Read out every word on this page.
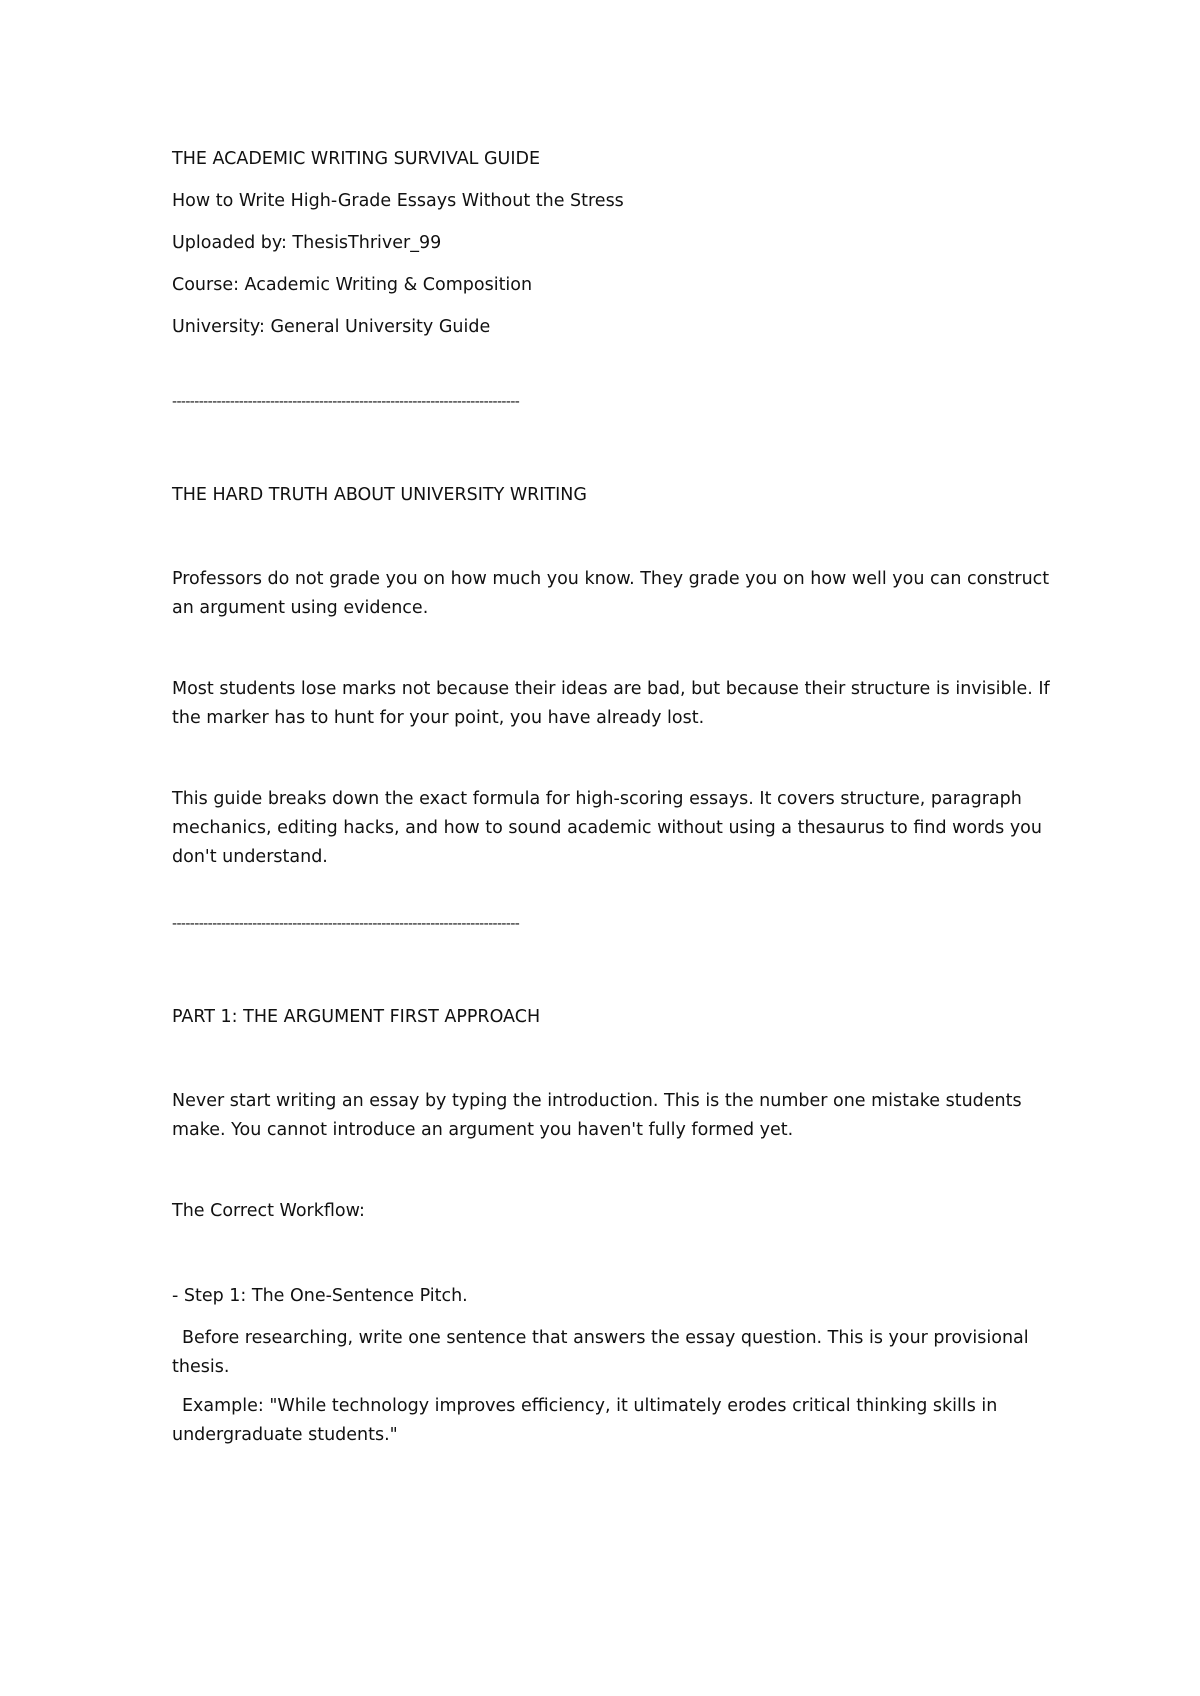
THE ACADEMIC WRITING SURVIVAL GUIDE

How to Write High-Grade Essays Without the Stress

Uploaded by: ThesisThriver_99

Course: Academic Writing & Composition

University: General University Guide

------------------------------------------------------------------------------

THE HARD TRUTH ABOUT UNIVERSITY WRITING

Professors do not grade you on how much you know. They grade you on how well you can construct an argument using evidence.

Most students lose marks not because their ideas are bad, but because their structure is invisible. If the marker has to hunt for your point, you have already lost.

This guide breaks down the exact formula for high-scoring essays. It covers structure, paragraph mechanics, editing hacks, and how to sound academic without using a thesaurus to find words you don't understand.

------------------------------------------------------------------------------

PART 1: THE ARGUMENT FIRST APPROACH

Never start writing an essay by typing the introduction. This is the number one mistake students make. You cannot introduce an argument you haven't fully formed yet.

The Correct Workflow:

- Step 1: The One-Sentence Pitch.

Before researching, write one sentence that answers the essay question. This is your provisional thesis.

Example: "While technology improves efficiency, it ultimately erodes critical thinking skills in undergraduate students."
